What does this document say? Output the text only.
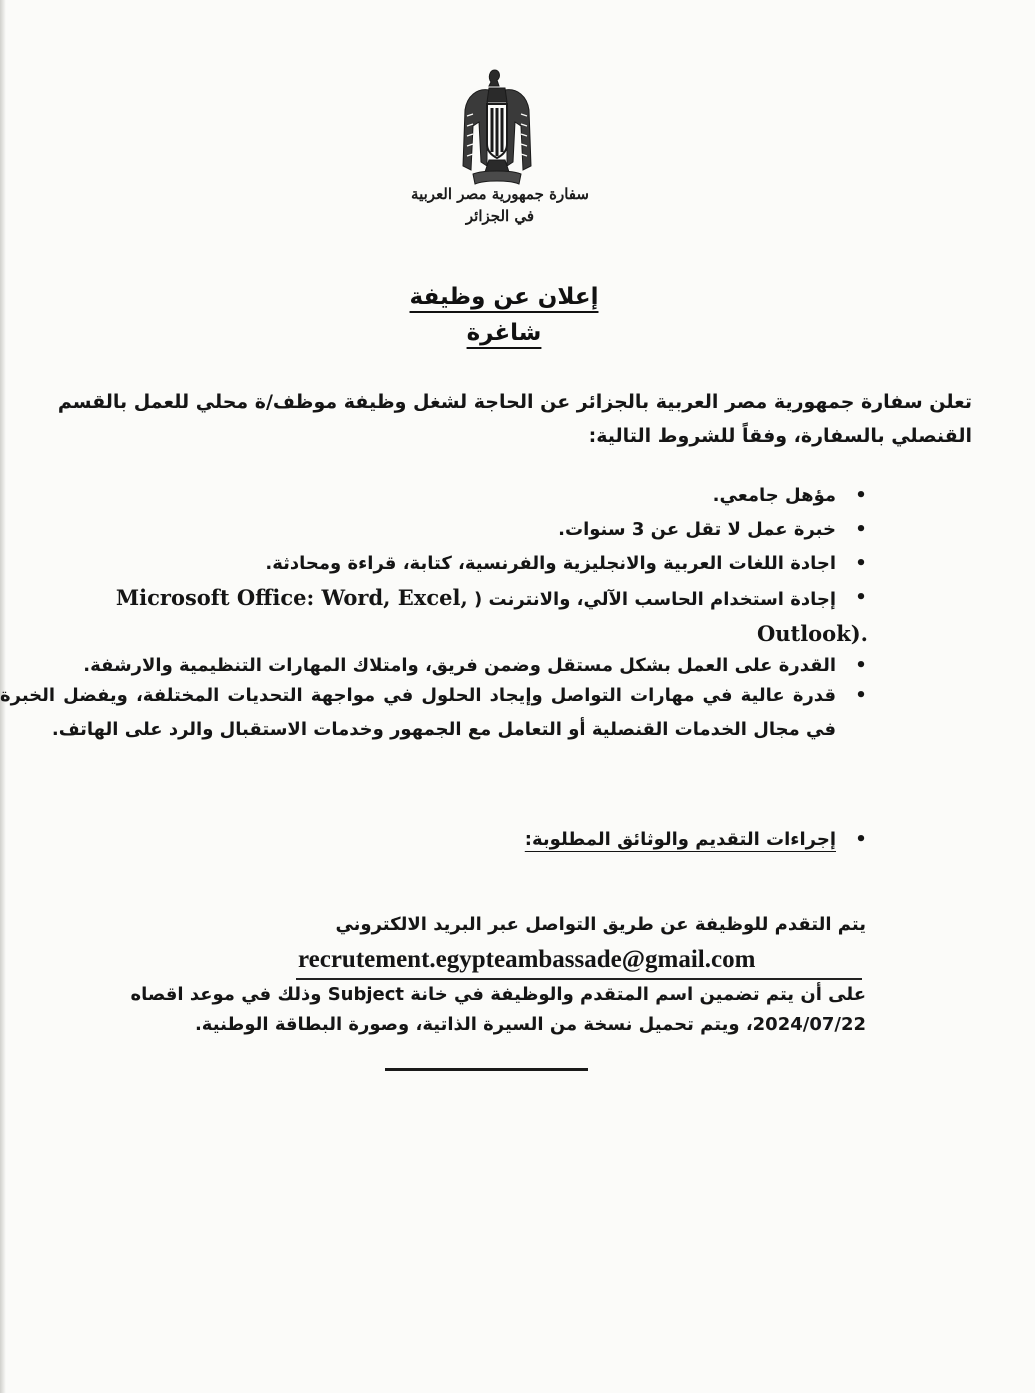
سفارة جمهورية مصر العربية
في الجزائر
إعلان عن وظيفة شاغرة
تعلن سفارة جمهورية مصر العربية بالجزائر عن الحاجة لشغل وظيفة موظف/ة محلي للعمل بالقسم
القنصلي بالسفارة، وفقاً للشروط التالية:
•
مؤهل جامعي.
•
خبرة عمل لا تقل عن 3 سنوات.
•
اجادة اللغات العربية والانجليزية والفرنسية، كتابة، قراءة ومحادثة.
•
إجادة استخدام الحاسب الآلي، والانترنت ( Microsoft Office: Word, Excel,
Outlook).
•
القدرة على العمل بشكل مستقل وضمن فريق، وامتلاك المهارات التنظيمية والارشفة.
•
قدرة عالية في مهارات التواصل وإيجاد الحلول في مواجهة التحديات المختلفة، ويفضل الخبرة في مجال الخدمات القنصلية أو التعامل مع الجمهور وخدمات الاستقبال والرد على الهاتف.
•
إجراءات التقديم والوثائق المطلوبة:
يتم التقدم للوظيفة عن طريق التواصل عبر البريد الالكتروني
recrutement.egypteambassade@gmail.com
على أن يتم تضمين اسم المتقدم والوظيفة في خانة Subject وذلك في موعد اقصاه
2024/07/22، ويتم تحميل نسخة من السيرة الذاتية، وصورة البطاقة الوطنية.
